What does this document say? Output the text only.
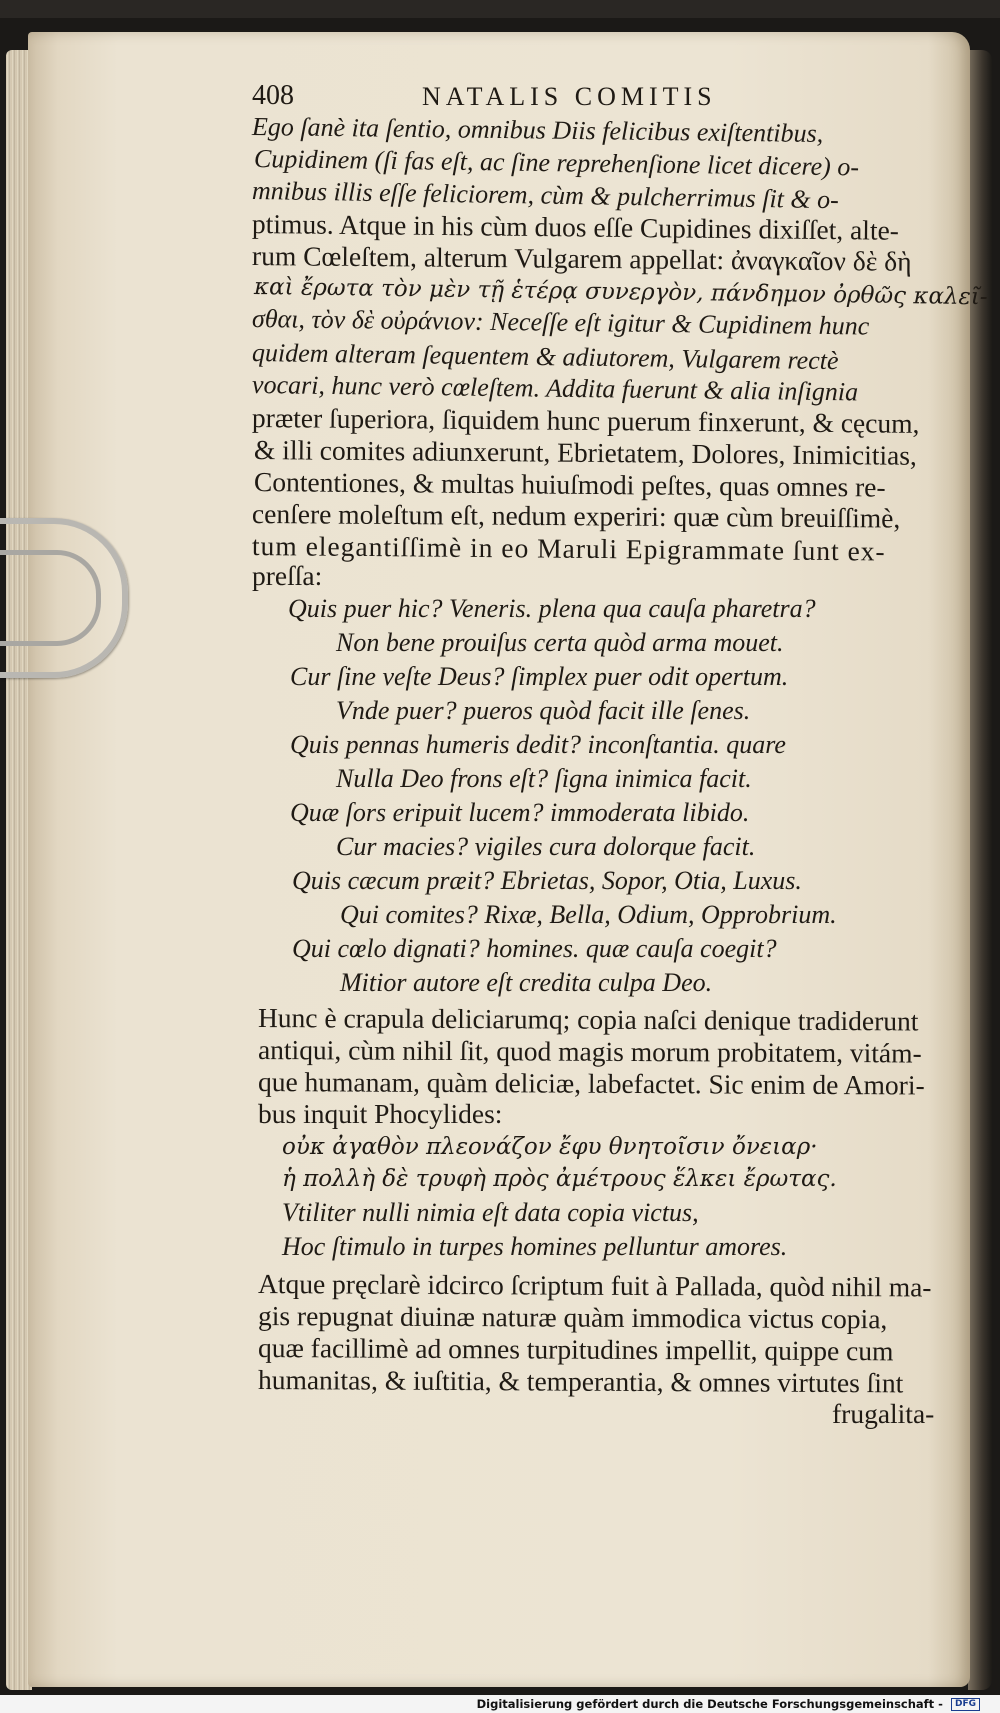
408	NATALIS COMITIS
Ego ſanè ita ſentio, omnibus Diis felicibus exiſtentibus,
Cupidinem (ſi fas eſt, ac ſine reprehenſione licet dicere) o-
mnibus illis eſſe feliciorem, cùm & pulcherrimus ſit & o-
ptimus. Atque in his cùm duos eſſe Cupidines dixiſſet, alte-
rum Cœleſtem, alterum Vulgarem appellat: ἀναγκαῖον δὲ δὴ
καὶ ἔρωτα τὸν μὲν τῇ ἑτέρᾳ συνεργὸν, πάνδημον ὀρθῶς καλεῖ-
σθαι, τὸν δὲ οὐράνιον: Neceſſe eſt igitur & Cupidinem hunc
quidem alteram ſequentem & adiutorem, Vulgarem rectè
vocari, hunc verò cœleſtem. Addita fuerunt & alia inſignia
præter ſuperiora, ſiquidem hunc puerum finxerunt, & cęcum,
& illi comites adiunxerunt, Ebrietatem, Dolores, Inimicitias,
Contentiones, & multas huiuſmodi peſtes, quas omnes re-
cenſere moleſtum eſt, nedum experiri: quæ cùm breuiſſimè,
tum elegantiſſimè in eo Maruli Epigrammate ſunt ex-
preſſa:
Quis puer hic? Veneris. plena qua cauſa pharetra?
Non bene prouiſus certa quòd arma mouet.
Cur ſine veſte Deus? ſimplex puer odit opertum.
Vnde puer? pueros quòd facit ille ſenes.
Quis pennas humeris dedit? inconſtantia. quare
Nulla Deo frons eſt? ſigna inimica facit.
Quæ ſors eripuit lucem? immoderata libido.
Cur macies? vigiles cura dolorque facit.
Quis cæcum præit? Ebrietas, Sopor, Otia, Luxus.
Qui comites? Rixæ, Bella, Odium, Opprobrium.
Qui cœlo dignati? homines. quæ cauſa coegit?
Mitior autore eſt credita culpa Deo.
Hunc è crapula deliciarumq; copia naſci denique tradiderunt
antiqui, cùm nihil ſit, quod magis morum probitatem, vitám-
que humanam, quàm deliciæ, labefactet. Sic enim de Amori-
bus inquit Phocylides:
οὐκ ἀγαθὸν πλεονάζον ἔφυ θνητοῖσιν ὄνειαρ·
ἡ πολλὴ δὲ τρυφὴ πρὸς ἀμέτρους ἕλκει ἔρωτας.
Vtiliter nulli nimia eſt data copia victus,
Hoc ſtimulo in turpes homines pelluntur amores.
Atque pręclarè idcirco ſcriptum fuit à Pallada, quòd nihil ma-
gis repugnat diuinæ naturæ quàm immodica victus copia,
quæ facillimè ad omnes turpitudines impellit, quippe cum
humanitas, & iuſtitia, & temperantia, & omnes virtutes ſint
frugalita-
Digitalisierung gefördert durch die Deutsche Forschungsgemeinschaft - DFG
